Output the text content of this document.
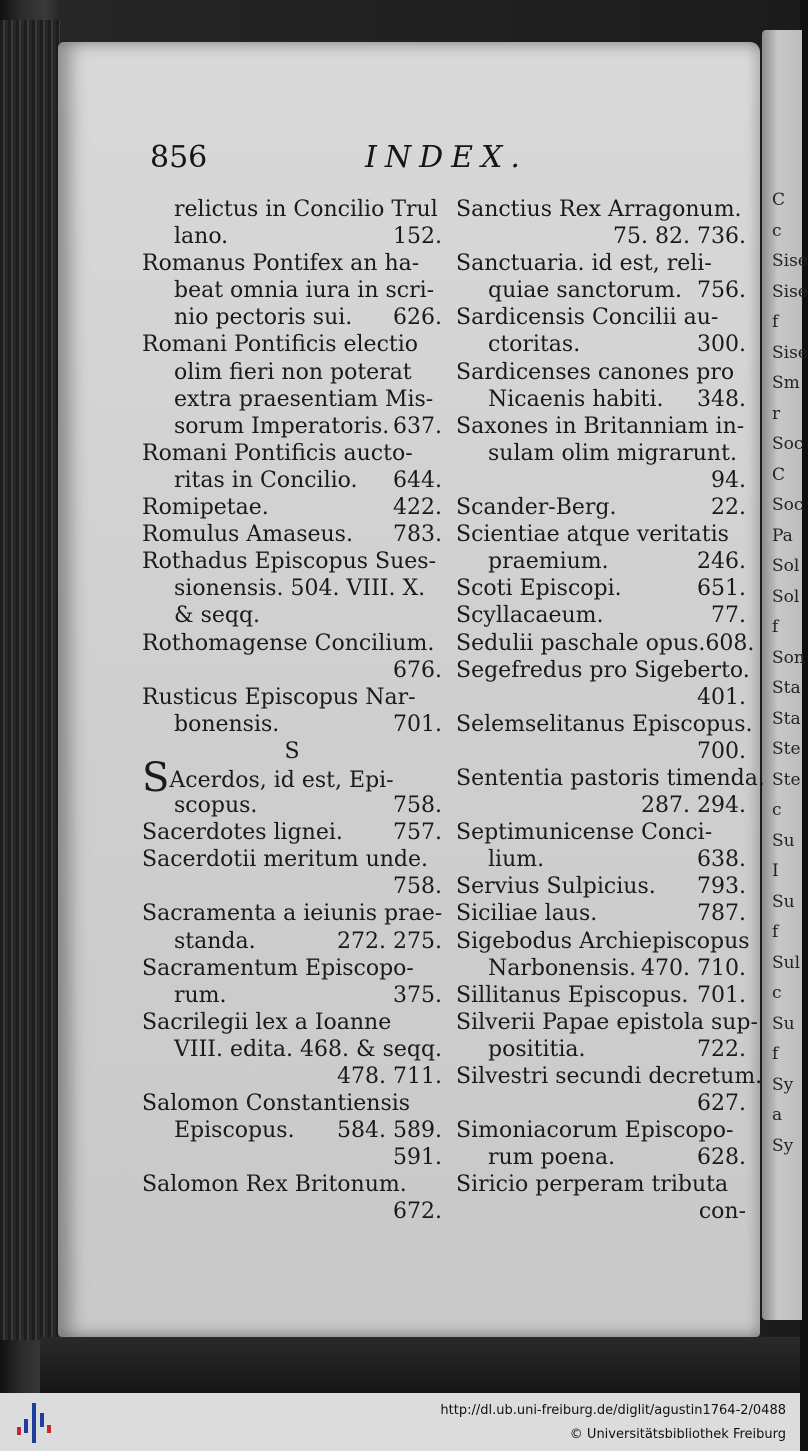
C
c
Sise
Sise
f
Sise
Sm
r
Soc
C
Soc
Pa
Sol
Sol
f
Son
Sta
Sta
Ste
Ste
c
Su
I
Su
f
Sul
c
Su
f
Sy
a
Sy
856	INDEX.
relictus in Concilio Trul
lano.	152.
Romanus Pontifex an ha-
beat omnia iura in scri-
nio pectoris sui. 626.
Romani Pontificis electio
olim fieri non poterat
extra praesentiam Mis-
sorum Imperatoris. 637.
Romani Pontificis aucto-
ritas in Concilio. 644.
Romipetae.	422.
Romulus Amaseus. 783.
Rothadus Episcopus Sues-
sionensis. 504. VIII. X.
& seqq.
Rothomagense Concilium.
676.
Rusticus Episcopus Nar-
bonensis.	701.
S
SAcerdos, id est, Epi-
scopus.	758.
Sacerdotes lignei. 757.
Sacerdotii meritum unde.
758.
Sacramenta a ieiunis prae-
standa.	272. 275.
Sacramentum Episcopo-
rum.	375.
Sacrilegii lex a Ioanne
VIII. edita. 468. & seqq.
478. 711.
Salomon Constantiensis
Episcopus. 584. 589.
591.
Salomon Rex Britonum.
672.
Sanctius Rex Arragonum.
75. 82. 736.
Sanctuaria. id est, reli-
quiae sanctorum. 756.
Sardicensis Concilii au-
ctoritas.	300.
Sardicenses canones pro
Nicaenis habiti. 348.
Saxones in Britanniam in-
sulam olim migrarunt.
94.
Scander-Berg.	22.
Scientiae atque veritatis
praemium.	246.
Scoti Episcopi.	651.
Scyllacaeum.	77.
Sedulii paschale opus. 608.
Segefredus pro Sigeberto.
401.
Selemselitanus Episcopus.
700.
Sententia pastoris timenda.
287. 294.
Septimunicense Conci-
lium.	638.
Servius Sulpicius. 793.
Siciliae laus.	787.
Sigebodus Archiepiscopus
Narbonensis. 470. 710.
Sillitanus Episcopus. 701.
Silverii Papae epistola sup-
posititia.	722.
Silvestri secundi decretum.
627.
Simoniacorum Episcopo-
rum poena.	628.
Siricio perperam tributa
con-
http://dl.ub.uni-freiburg.de/diglit/agustin1764-2/0488
© Universitätsbibliothek Freiburg
